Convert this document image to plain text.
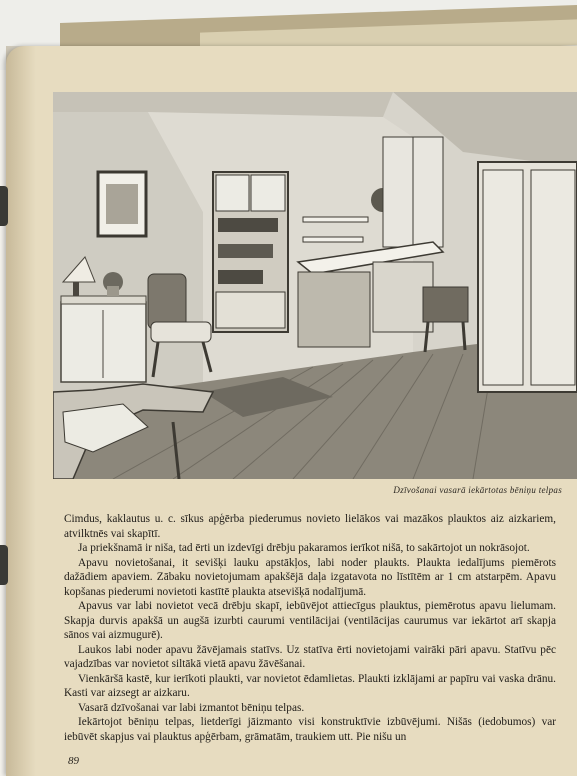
Dzīvošanai vasarā iekārtotas bēniņu telpas

Cimdus, kaklautus u. c. sīkus apģērba piederumus novieto lielākos vai mazākos plauktos aiz aizkariem, atvilktnēs vai skapītī.

Ja priekšnamā ir niša, tad ērti un izdevīgi drēbju pakaramos ierīkot nišā, to sakārtojot un nokrāsojot.

Apavu novietošanai, it sevišķi lauku apstākļos, labi noder plaukts. Plaukta iedalījums piemērots dažādiem apaviem. Zābaku novietojumam apakšējā daļa izgatavota no līstītēm ar 1 cm atstarpēm. Apavu kopšanas piederumi novietoti kastītē plaukta atsevišķā nodalījumā.

Apavus var labi novietot vecā drēbju skapī, iebūvējot attiecīgus plauktus, piemērotus apavu lielumam. Skapja durvis apakšā un augšā izurbti caurumi ventilācijai (ventilācijas caurumus var iekārtot arī skapja sānos vai aizmugurē).

Laukos labi noder apavu žāvējamais statīvs. Uz statīva ērti novietojami vairāki pāri apavu. Statīvu pēc vajadzības var novietot siltākā vietā apavu žāvēšanai.

Vienkāršā kastē, kur ierīkoti plaukti, var novietot ēdamlietas. Plaukti izklājami ar papīru vai vaska drānu. Kasti var aizsegt ar aizkaru.

Vasarā dzīvošanai var labi izmantot bēniņu telpas.

Iekārtojot bēniņu telpas, lietderīgi jāizmanto visi konstruktīvie izbūvējumi. Nišās (iedobumos) var iebūvēt skapjus vai plauktus apģērbam, grāmatām, traukiem utt. Pie nišu un

89
